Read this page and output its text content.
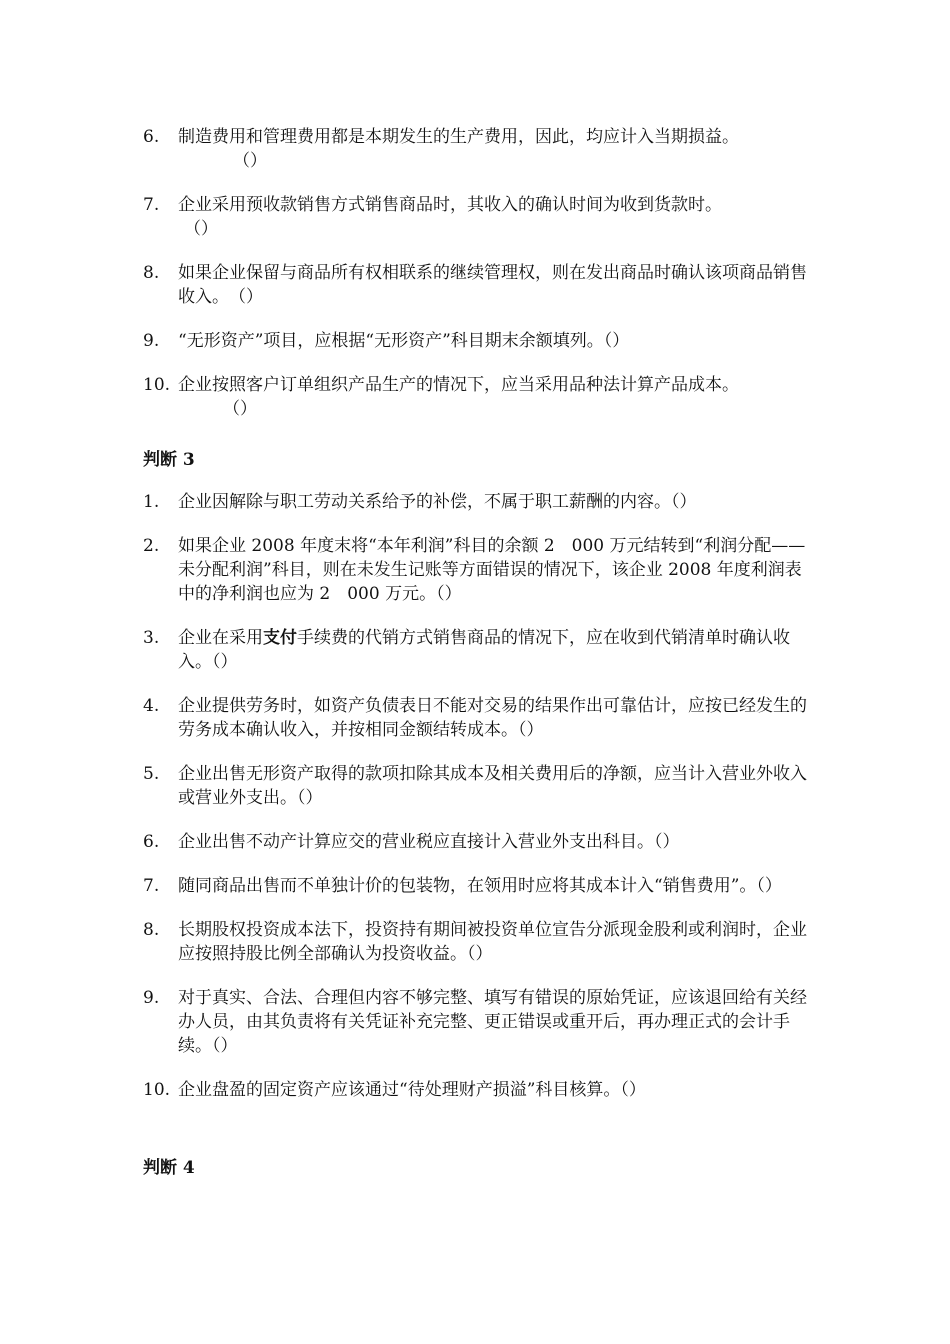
6. 制造费用和管理费用都是本期发生的生产费用，因此，均应计入当期损益。
（）
7. 企业采用预收款销售方式销售商品时，其收入的确认时间为收到货款时。
（）
8. 如果企业保留与商品所有权相联系的继续管理权，则在发出商品时确认该项商品销售收入。　（）
9. “无形资产”项目，应根据“无形资产”科目期末余额填列。（）
10. 企业按照客户订单组织产品生产的情况下，应当采用品种法计算产品成本。
（）
判断 3
1. 企业因解除与职工劳动关系给予的补偿，不属于职工薪酬的内容。（）
2. 如果企业 2008 年度末将“本年利润”科目的余额 2　000 万元结转到“利润分配——未分配利润”科目，则在未发生记账等方面错误的情况下，该企业 2008 年度利润表中的净利润也应为 2　000 万元。（）
3. 企业在采用支付手续费的代销方式销售商品的情况下，应在收到代销清单时确认收入。（）
4. 企业提供劳务时，如资产负债表日不能对交易的结果作出可靠估计，应按已经发生的劳务成本确认收入，并按相同金额结转成本。（）
5. 企业出售无形资产取得的款项扣除其成本及相关费用后的净额，应当计入营业外收入或营业外支出。（）
6. 企业出售不动产计算应交的营业税应直接计入营业外支出科目。（）
7. 随同商品出售而不单独计价的包装物，在领用时应将其成本计入“销售费用”。（）
8. 长期股权投资成本法下，投资持有期间被投资单位宣告分派现金股利或利润时，企业应按照持股比例全部确认为投资收益。（）
9. 对于真实、合法、合理但内容不够完整、填写有错误的原始凭证，应该退回给有关经办人员，由其负责将有关凭证补充完整、更正错误或重开后，再办理正式的会计手续。（）
10. 企业盘盈的固定资产应该通过“待处理财产损溢”科目核算。（）
判断 4
